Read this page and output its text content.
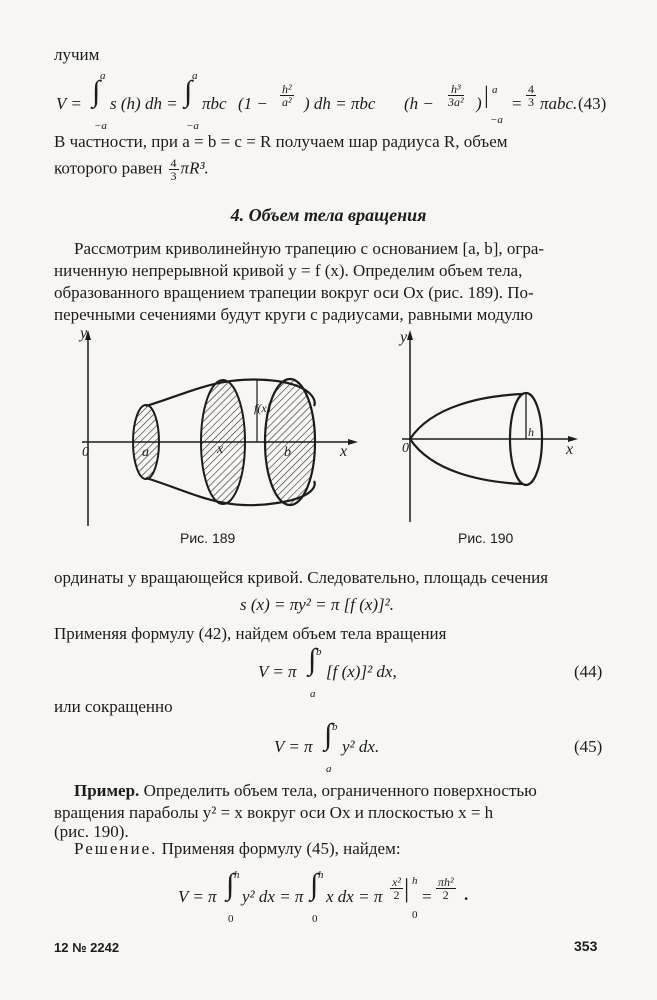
лучим
V = ∫ a
−a
s (h) dh = ∫ a
−a
πbc ($1 - \frac{\text{h²}}{\text{a²}}$ ) dh = πbc ($h - \frac{\text{h³}}{\text{3a²}}$ ) | a
−a
= $\frac{4}{3} \pi abc$. (43)
В частности, при a = b = c = R получаем шар радиуса R, объем
которого равен $\frac{4}{3} \pi R^3$.
4. Объем тела вращения
Рассмотрим криволинейную трапецию с основанием [a, b], огра-
ниченную непрерывной кривой y = f (x). Определим объем тела,
образованного вращением трапеции вокруг оси Ox (рис. 189). По-
перечными сечениями будут круги с радиусами, равными модулю
y
0	a	x	b
f(x)
x
Рис. 189
y
0
h
x
Рис. 190
ординаты y вращающейся кривой. Следовательно, площадь сечения
s (x) = πy² = π [f (x)]².
Применяя формулу (42), найдем объем тела вращения
V = π ∫ b
a
[f (x)]² dx,	(44)
или сокращенно
V = π ∫ b
a
y² dx.	(45)
Пример. Определить объем тела, ограниченного поверхностью
вращения параболы y² = x вокруг оси Ox и плоскостью x = h
(рис. 190).
Решение. Применяя формулу (45), найдем:
V = π ∫ h
0
y² dx = π ∫ h
0
x dx = π $\frac{\text{x²}}{2}$ | h
0
= $\frac{\text{πh²}}{2}$ .
12 № 2242	353
